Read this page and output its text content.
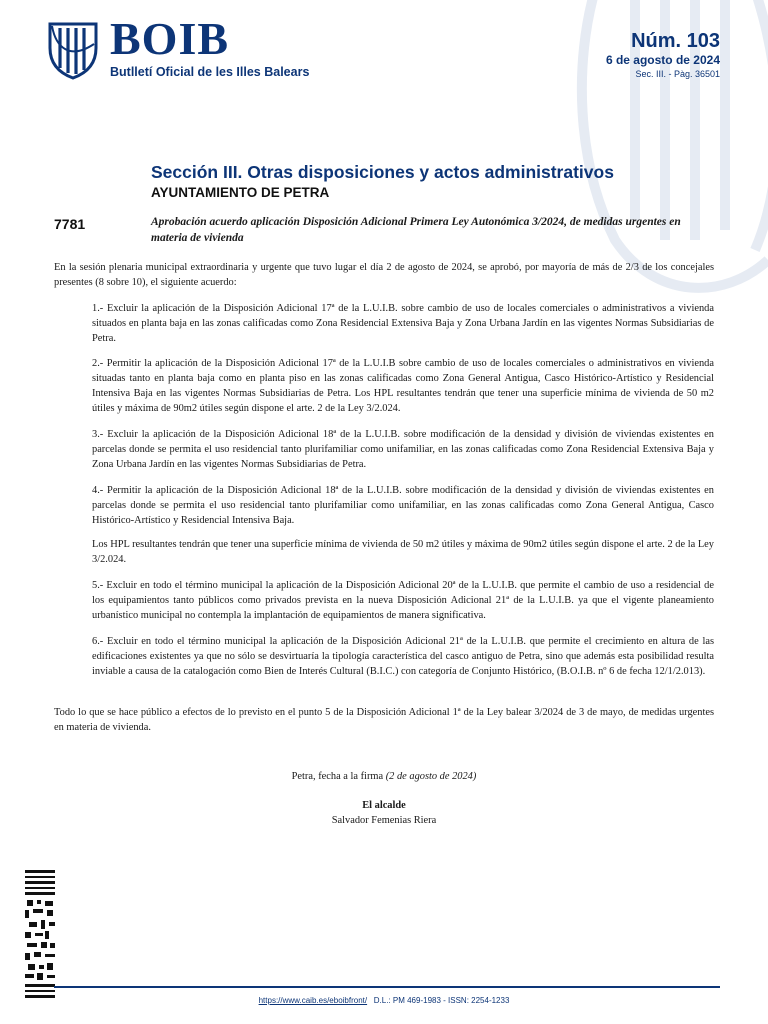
BOIB
Butlletí Oficial de les Illes Balears
Núm. 103
6 de agosto de 2024
Sec. III. - Pàg. 36501
Sección III. Otras disposiciones y actos administrativos
AYUNTAMIENTO DE PETRA
7781	Aprobación acuerdo aplicación Disposición Adicional Primera Ley Autonómica 3/2024, de medidas urgentes en materia de vivienda

En la sesión plenaria municipal extraordinaria y urgente que tuvo lugar el día 2 de agosto de 2024, se aprobó, por mayoría de más de 2/3 de los concejales presentes (8 sobre 10), el siguiente acuerdo:

1.- Excluir la aplicación de la Disposición Adicional 17ª de la L.U.I.B. sobre cambio de uso de locales comerciales o administrativos a vivienda situados en planta baja en las zonas calificadas como Zona Residencial Extensiva Baja y Zona Urbana Jardín en las vigentes Normas Subsidiarias de Petra.

2.- Permitir la aplicación de la Disposición Adicional 17ª de la L.U.I.B sobre cambio de uso de locales comerciales o administrativos en vivienda situadas tanto en planta baja como en planta piso en las zonas calificadas como Zona General Antigua, Casco Histórico-Artístico y Residencial Intensiva Baja en las vigentes Normas Subsidiarias de Petra. Los HPL resultantes tendrán que tener una superficie mínima de vivienda de 50 m2 útiles y máxima de 90m2 útiles según dispone el arte. 2 de la Ley 3/2.024.

3.- Excluir la aplicación de la Disposición Adicional 18ª de la L.U.I.B. sobre modificación de la densidad y división de viviendas existentes en parcelas donde se permita el uso residencial tanto plurifamiliar como unifamiliar, en las zonas calificadas como Zona Residencial Extensiva Baja y Zona Urbana Jardín en las vigentes Normas Subsidiarias de Petra.

4.- Permitir la aplicación de la Disposición Adicional 18ª de la L.U.I.B. sobre modificación de la densidad y división de viviendas existentes en parcelas donde se permita el uso residencial tanto plurifamiliar como unifamiliar, en las zonas calificadas como Zona General Antigua, Casco Histórico-Artístico y Residencial Intensiva Baja.

Los HPL resultantes tendrán que tener una superficie mínima de vivienda de 50 m2 útiles y máxima de 90m2 útiles según dispone el arte. 2 de la Ley 3/2.024.

5.- Excluir en todo el término municipal la aplicación de la Disposición Adicional 20ª de la L.U.I.B. que permite el cambio de uso a residencial de los equipamientos tanto públicos como privados prevista en la nueva Disposición Adicional 21ª de la L.U.I.B. ya que el vigente planeamiento urbanístico municipal no contempla la implantación de equipamientos de manera significativa.

6.- Excluir en todo el término municipal la aplicación de la Disposición Adicional 21ª de la L.U.I.B. que permite el crecimiento en altura de las edificaciones existentes ya que no sólo se desvirtuaría la tipología característica del casco antiguo de Petra, sino que además esta posibilidad resulta inviable a causa de la catalogación como Bien de Interés Cultural (B.I.C.) con categoría de Conjunto Histórico, (B.O.I.B. nº 6 de fecha 12/1/2.013).

Todo lo que se hace público a efectos de lo previsto en el punto 5 de la Disposición Adicional 1ª de la Ley balear 3/2024 de 3 de mayo, de medidas urgentes en materia de vivienda.

Petra, fecha a la firma (2 de agosto de 2024)
El alcalde
Salvador Femenias Riera
https://www.caib.es/eboibfront/ D.L.: PM 469-1983 - ISSN: 2254-1233
